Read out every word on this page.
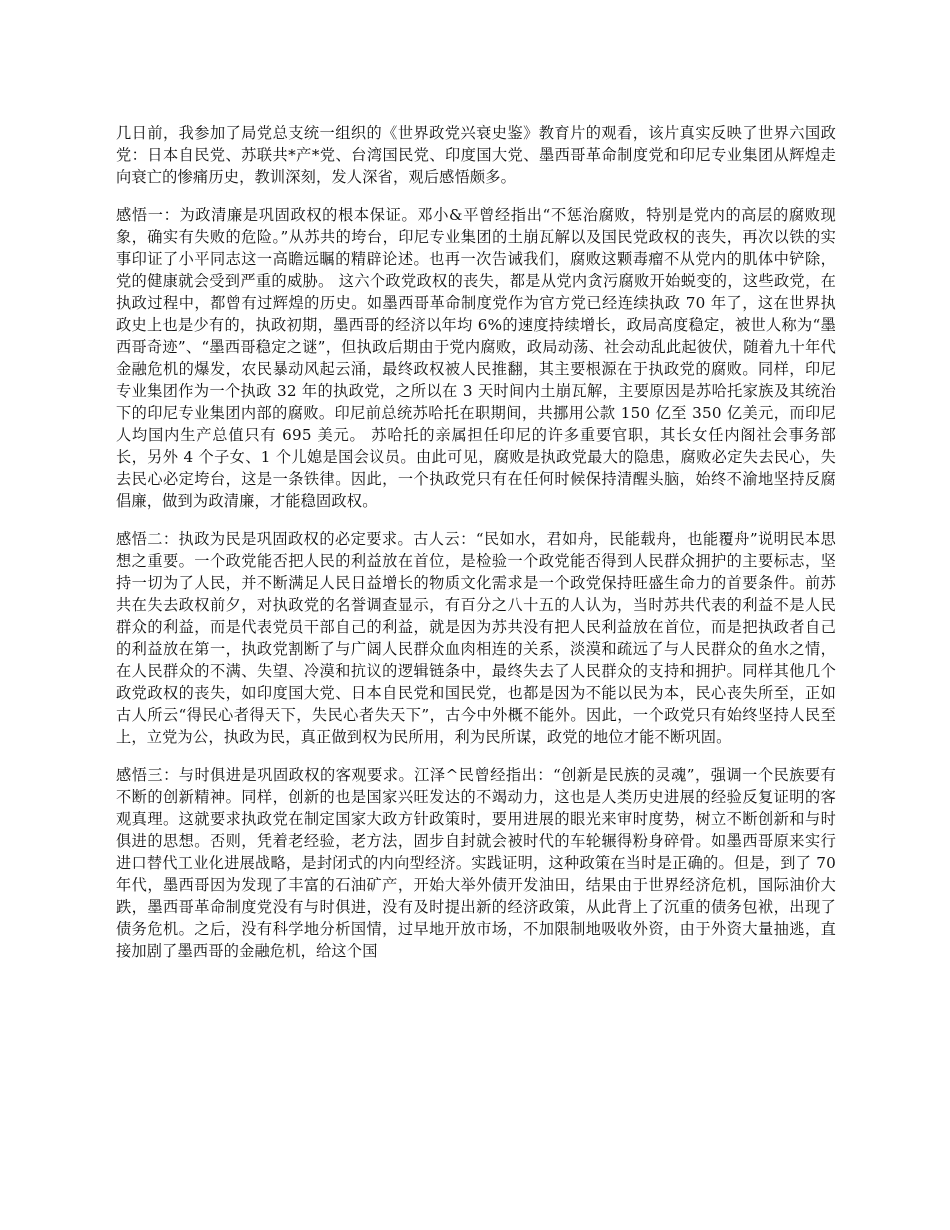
几日前，我参加了局党总支统一组织的《世界政党兴衰史鉴》教育片的观看，该片真实反映了世界六国政党：日本自民党、苏联共*产*党、台湾国民党、印度国大党、墨西哥革命制度党和印尼专业集团从辉煌走向衰亡的惨痛历史，教训深刻，发人深省，观后感悟颇多。

感悟一：为政清廉是巩固政权的根本保证。邓小&平曾经指出“不惩治腐败，特别是党内的高层的腐败现象，确实有失败的危险。”从苏共的垮台，印尼专业集团的土崩瓦解以及国民党政权的丧失，再次以铁的实事印证了小平同志这一高瞻远瞩的精辟论述。也再一次告诫我们，腐败这颗毒瘤不从党内的肌体中铲除，党的健康就会受到严重的威胁。 这六个政党政权的丧失，都是从党内贪污腐败开始蜕变的，这些政党，在执政过程中，都曾有过辉煌的历史。如墨西哥革命制度党作为官方党已经连续执政 70 年了，这在世界执政史上也是少有的，执政初期，墨西哥的经济以年均 6%的速度持续增长，政局高度稳定，被世人称为“墨西哥奇迹”、“墨西哥稳定之谜”，但执政后期由于党内腐败，政局动荡、社会动乱此起彼伏，随着九十年代金融危机的爆发，农民暴动风起云涌，最终政权被人民推翻，其主要根源在于执政党的腐败。同样，印尼专业集团作为一个执政 32 年的执政党，之所以在 3 天时间内土崩瓦解，主要原因是苏哈托家族及其统治下的印尼专业集团内部的腐败。印尼前总统苏哈托在职期间，共挪用公款 150 亿至 350 亿美元，而印尼人均国内生产总值只有 695 美元。 苏哈托的亲属担任印尼的许多重要官职，其长女任内阁社会事务部长，另外 4 个子女、1 个儿媳是国会议员。由此可见，腐败是执政党最大的隐患，腐败必定失去民心，失去民心必定垮台，这是一条铁律。因此，一个执政党只有在任何时候保持清醒头脑，始终不渝地坚持反腐倡廉，做到为政清廉，才能稳固政权。

感悟二：执政为民是巩固政权的必定要求。古人云：“民如水，君如舟，民能载舟，也能覆舟”说明民本思想之重要。一个政党能否把人民的利益放在首位，是检验一个政党能否得到人民群众拥护的主要标志，坚持一切为了人民，并不断满足人民日益增长的物质文化需求是一个政党保持旺盛生命力的首要条件。前苏共在失去政权前夕，对执政党的名誉调查显示，有百分之八十五的人认为，当时苏共代表的利益不是人民群众的利益，而是代表党员干部自己的利益，就是因为苏共没有把人民利益放在首位，而是把执政者自己的利益放在第一，执政党割断了与广阔人民群众血肉相连的关系，淡漠和疏远了与人民群众的鱼水之情，在人民群众的不满、失望、冷漠和抗议的逻辑链条中，最终失去了人民群众的支持和拥护。同样其他几个政党政权的丧失，如印度国大党、日本自民党和国民党，也都是因为不能以民为本，民心丧失所至，正如古人所云“得民心者得天下，失民心者失天下”，古今中外概不能外。因此，一个政党只有始终坚持人民至上，立党为公，执政为民，真正做到权为民所用，利为民所谋，政党的地位才能不断巩固。

感悟三：与时俱进是巩固政权的客观要求。江泽^民曾经指出：“创新是民族的灵魂”，强调一个民族要有不断的创新精神。同样，创新的也是国家兴旺发达的不竭动力，这也是人类历史进展的经验反复证明的客观真理。这就要求执政党在制定国家大政方针政策时，要用进展的眼光来审时度势，树立不断创新和与时俱进的思想。否则，凭着老经验，老方法，固步自封就会被时代的车轮辗得粉身碎骨。如墨西哥原来实行进口替代工业化进展战略，是封闭式的内向型经济。实践证明，这种政策在当时是正确的。但是，到了 70 年代，墨西哥因为发现了丰富的石油矿产，开始大举外债开发油田，结果由于世界经济危机，国际油价大跌，墨西哥革命制度党没有与时俱进，没有及时提出新的经济政策，从此背上了沉重的债务包袱，出现了债务危机。之后，没有科学地分析国情，过早地开放市场，不加限制地吸收外资，由于外资大量抽逃，直接加剧了墨西哥的金融危机，给这个国
